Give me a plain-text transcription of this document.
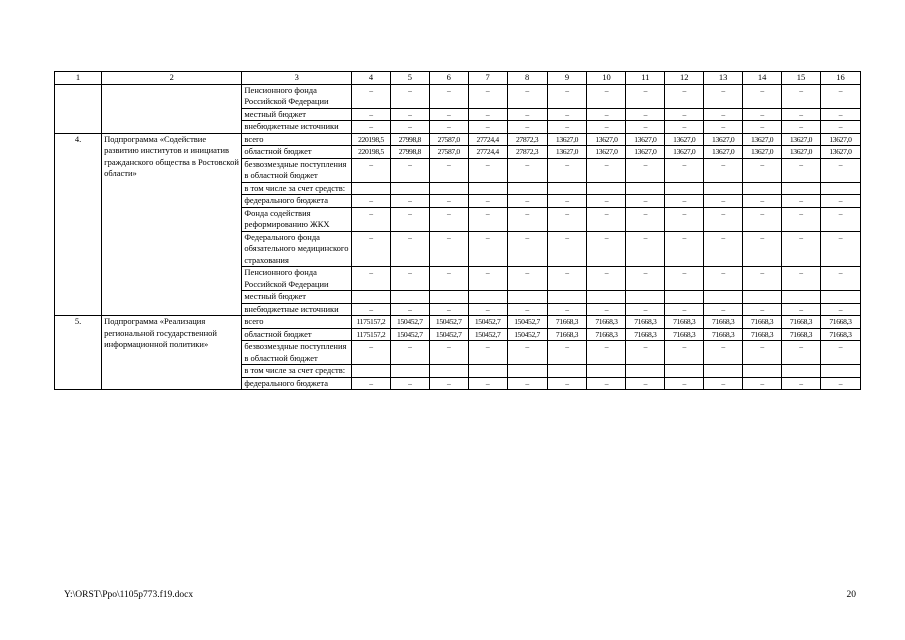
1	2	3	4	5	6	7	8	9	10	11	12	13	14	15	16
		Пенсионного фонда Российской Федерации	–	–	–	–	–	–	–	–	–	–	–	–	–
		местный бюджет	–	–	–	–	–	–	–	–	–	–	–	–	–
		внебюджетные источники	–	–	–	–	–	–	–	–	–	–	–	–	–
4.	Подпрограмма «Содействие развитию институтов и инициатив гражданского общества в Ростовской области»	всего	220198,5	27998,8	27587,0	27724,4	27872,3	13627,0	13627,0	13627,0	13627,0	13627,0	13627,0	13627,0	13627,0
		областной бюджет	220198,5	27998,8	27587,0	27724,4	27872,3	13627,0	13627,0	13627,0	13627,0	13627,0	13627,0	13627,0	13627,0
		безвозмездные поступления в областной бюджет	–	–	–	–	–	–	–	–	–	–	–	–	–
		в том числе за счет средств:													
		федерального бюджета	–	–	–	–	–	–	–	–	–	–	–	–	–
		Фонда содействия реформированию ЖКХ	–	–	–	–	–	–	–	–	–	–	–	–	–
		Федерального фонда обязательного медицинского страхования	–	–	–	–	–	–	–	–	–	–	–	–	–
		Пенсионного фонда Российской Федерации	–	–	–	–	–	–	–	–	–	–	–	–	–
		местный бюджет													
		внебюджетные источники	–	–	–	–	–	–	–	–	–	–	–	–	–
5.	Подпрограмма «Реализация региональной государственной информационной политики»	всего	1175157,2	150452,7	150452,7	150452,7	150452,7	71668,3	71668,3	71668,3	71668,3	71668,3	71668,3	71668,3	71668,3
		областной бюджет	1175157,2	150452,7	150452,7	150452,7	150452,7	71668,3	71668,3	71668,3	71668,3	71668,3	71668,3	71668,3	71668,3
		безвозмездные поступления в областной бюджет	–	–	–	–	–	–	–	–	–	–	–	–	–
		в том числе за счет средств:													
		федерального бюджета	–	–	–	–	–	–	–	–	–	–	–	–	–
Y:\ORST\Ppo\1105p773.f19.docx	20
